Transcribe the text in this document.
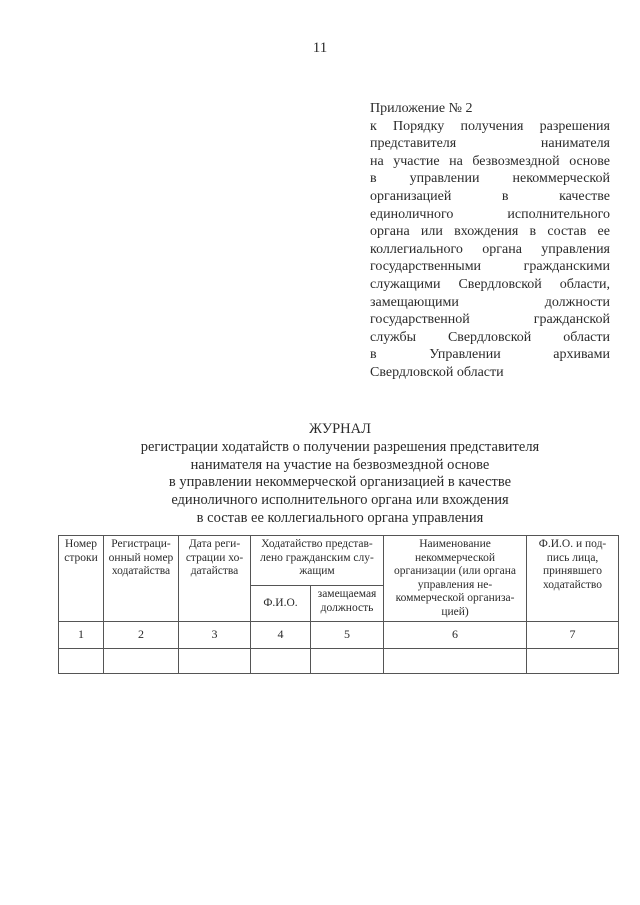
11
Приложение № 2
к Порядку получения разрешения
представителя нанимателя
на участие на безвозмездной основе
в управлении некоммерческой
организацией в качестве
единоличного исполнительного
органа или вхождения в состав ее
коллегиального органа управления
государственными гражданскими
служащими Свердловской области,
замещающими должности
государственной гражданской
службы Свердловской области
в Управлении архивами
Свердловской области
ЖУРНАЛ
регистрации ходатайств о получении разрешения представителя
нанимателя на участие на безвозмездной основе
в управлении некоммерческой организацией в качестве
единоличного исполнительного органа или вхождения
в состав ее коллегиального органа управления
Номер строки	Регистраци-онный номер ходатайства	Дата реги-страции хо-датайства	Ходатайство представ-лено гражданским слу-жащим		Наименование некоммерческой организации (или органа управления не-коммерческой организа-цией)	Ф.И.О. и под-пись лица, принявшего ходатайство
			Ф.И.О.	замещаемая должность		
1	2	3	4	5	6	7
